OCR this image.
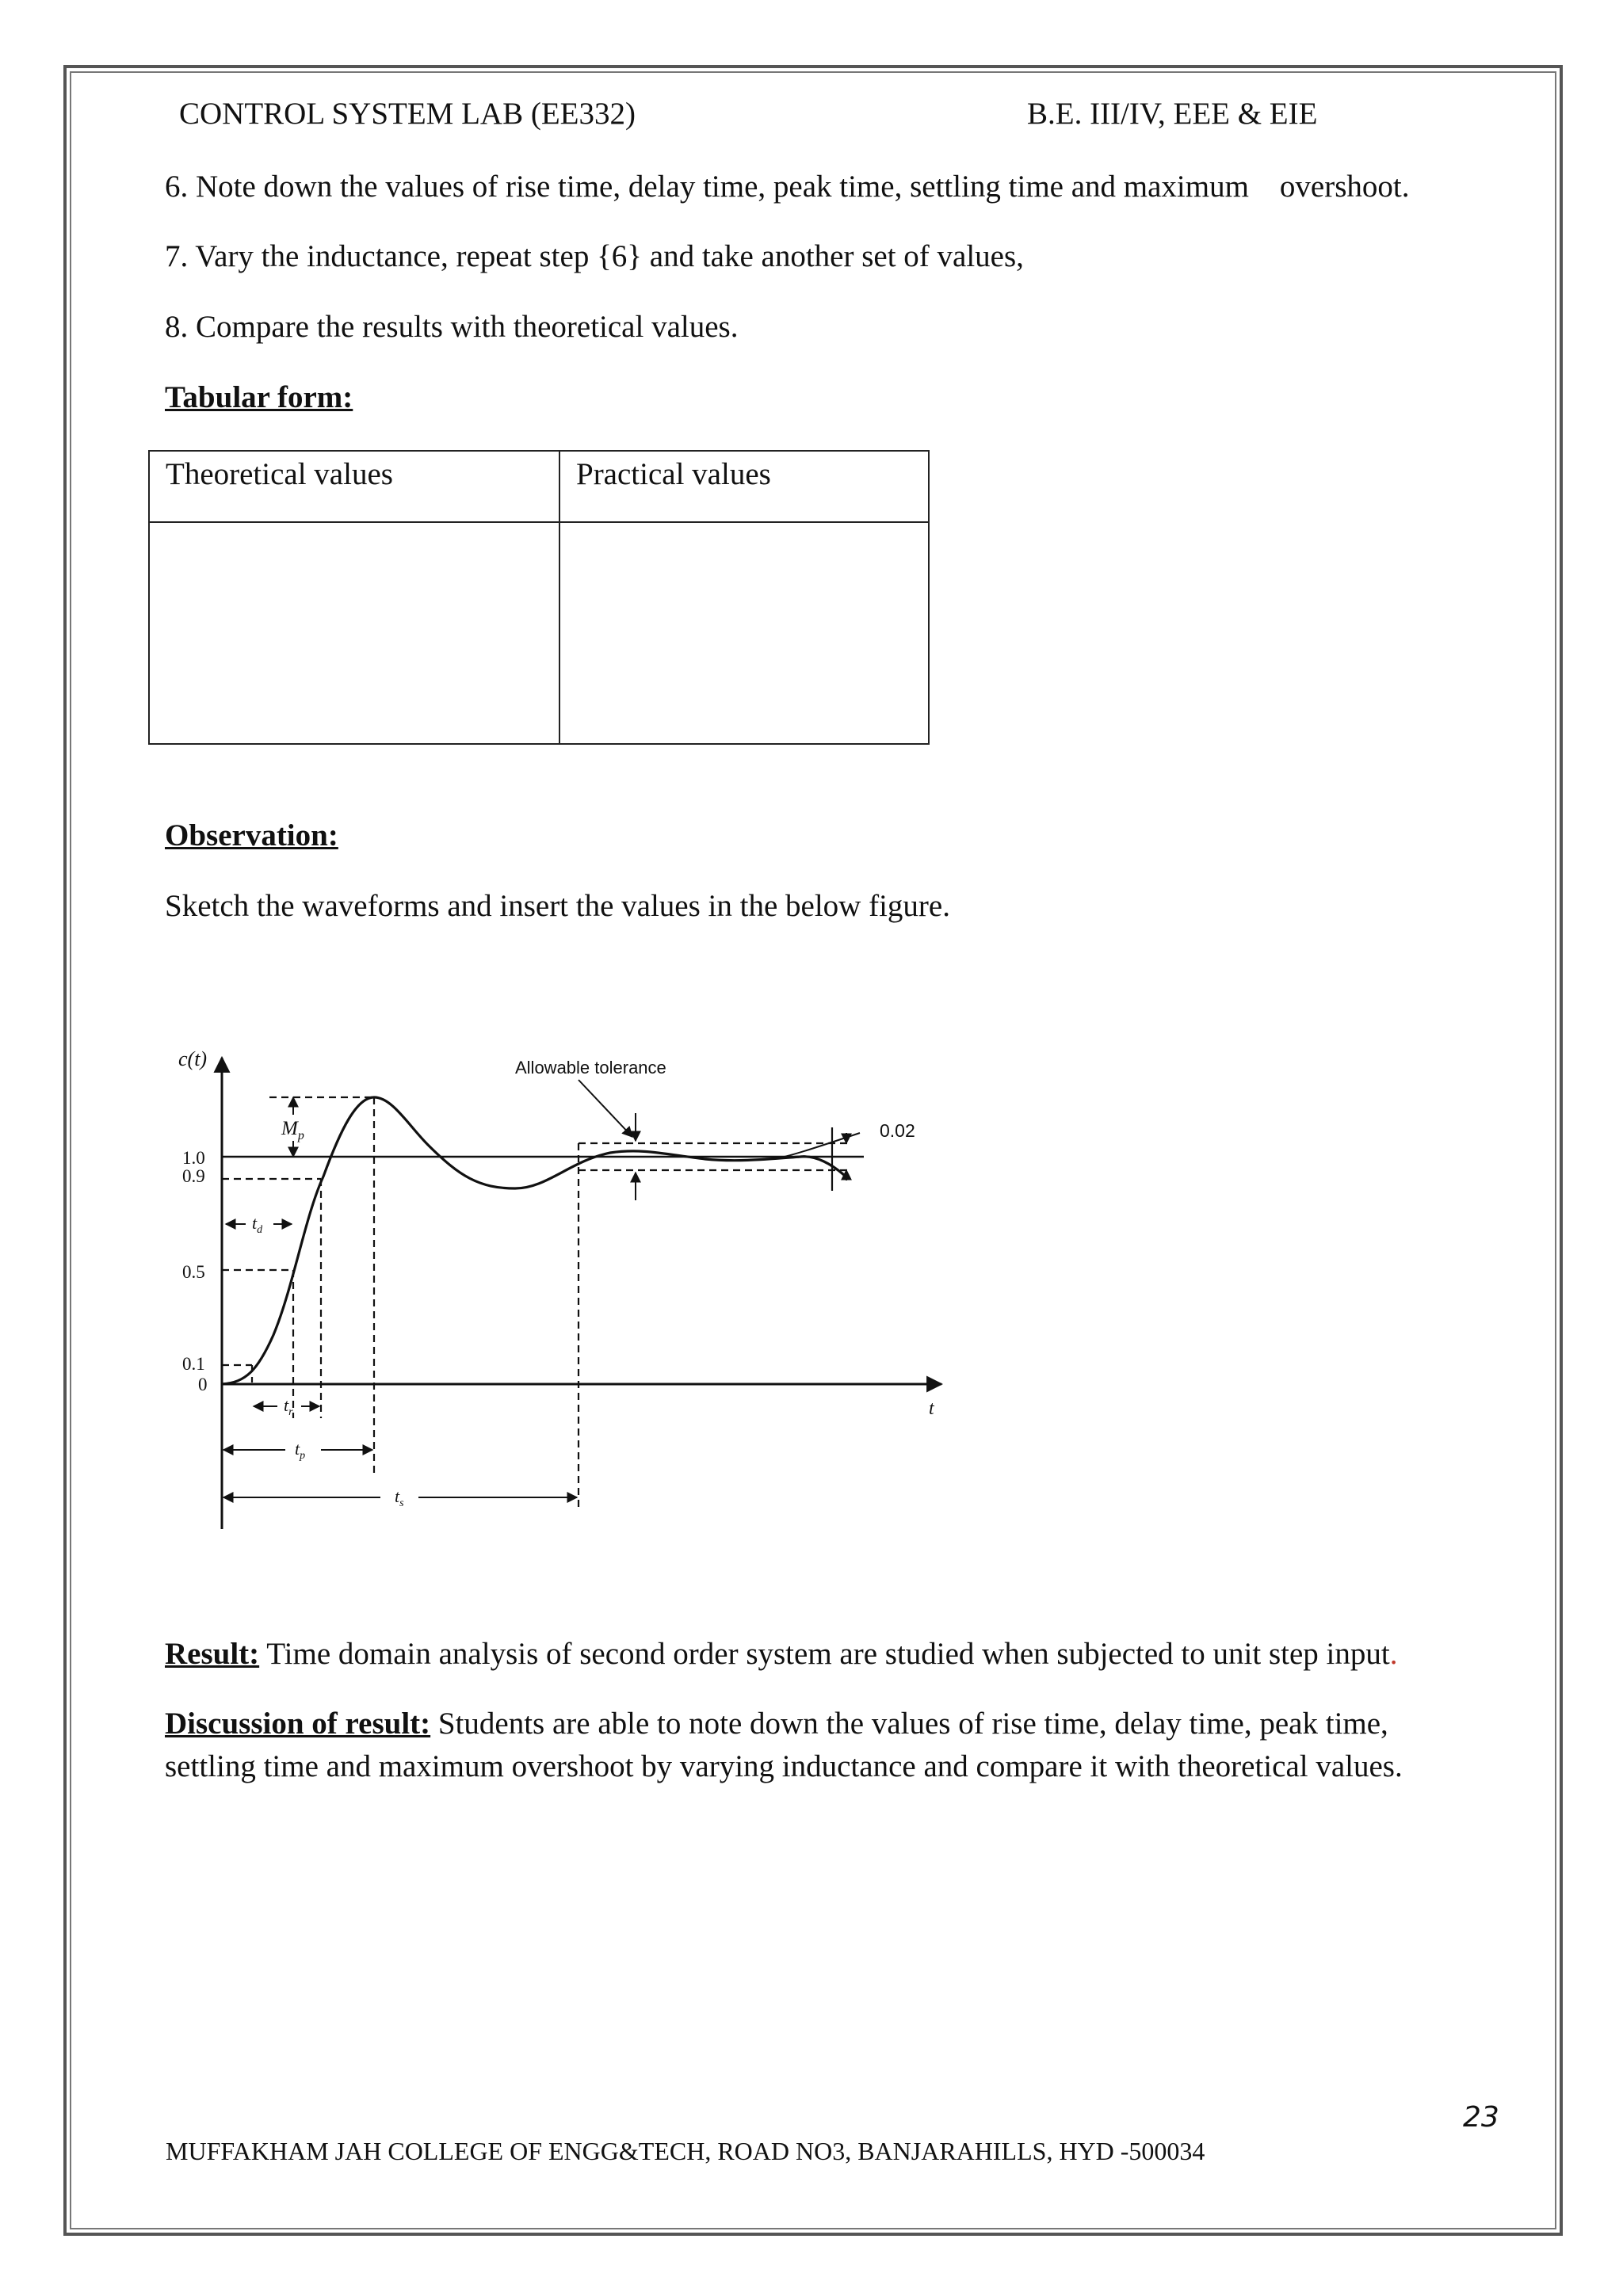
CONTROL SYSTEM LAB (EE332)	B.E. III/IV, EEE & EIE
6. Note down the values of rise time, delay time, peak time, settling time and maximum    overshoot.
7. Vary the inductance, repeat step {6} and take another set of values,
8. Compare the results with theoretical values.
Tabular form:
Theoretical values	Practical values

Observation:
Sketch the waveforms and insert the values in the below figure.
c(t)
t
1.0
0.9
0.5
0.1
0
0.02
Allowable tolerance
$M_p$
$t_d$
$t_r$
$t_p$
$t_s$
Result: Time domain analysis of second order system are studied when subjected to unit step input.
Discussion of result: Students are able to note down the values of rise time, delay time, peak time,
settling time and maximum overshoot by varying inductance and compare it with theoretical values.
23
MUFFAKHAM JAH COLLEGE OF ENGG&TECH, ROAD NO3, BANJARAHILLS, HYD -500034
